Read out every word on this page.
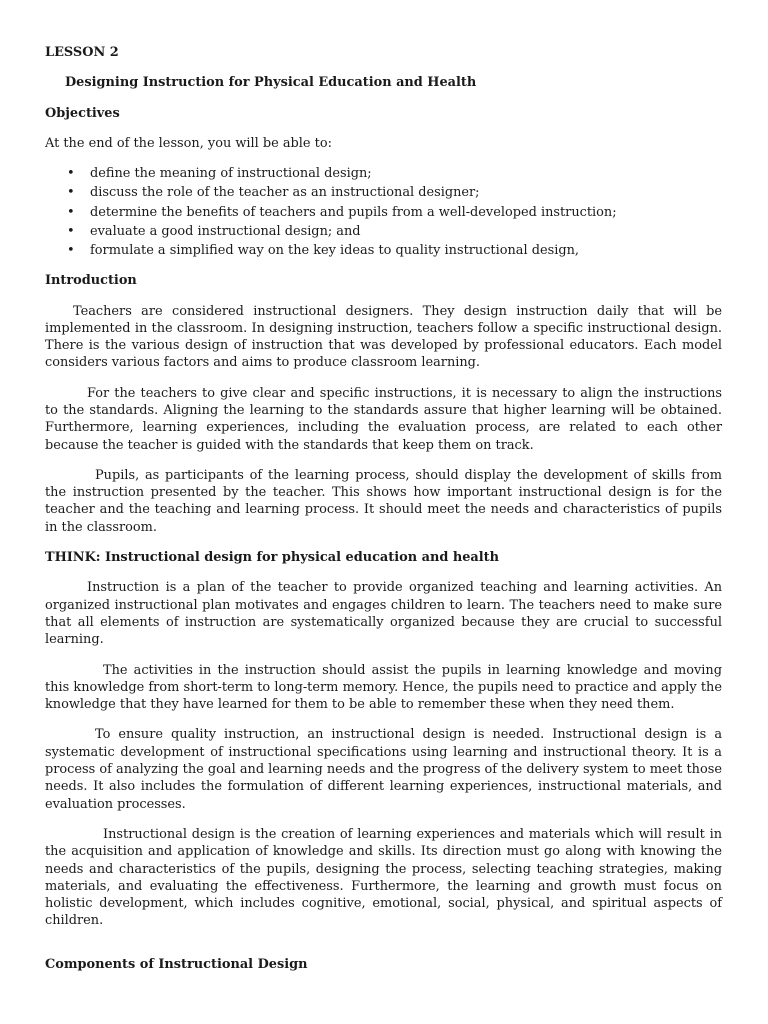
LESSON 2
Designing Instruction for Physical Education and Health
Objectives
At the end of the lesson, you will be able to:
• define the meaning of instructional design;
• discuss the role of the teacher as an instructional designer;
• determine the benefits of teachers and pupils from a well-developed instruction;
• evaluate a good instructional design; and
• formulate a simplified way on the key ideas to quality instructional design,
Introduction

Teachers are considered instructional designers. They design instruction daily that will be implemented in the classroom. In designing instruction, teachers follow a specific instructional design. There is the various design of instruction that was developed by professional educators. Each model considers various factors and aims to produce classroom learning.

For the teachers to give clear and specific instructions, it is necessary to align the instructions to the standards. Aligning the learning to the standards assure that higher learning will be obtained. Furthermore, learning experiences, including the evaluation process, are related to each other because the teacher is guided with the standards that keep them on track.

Pupils, as participants of the learning process, should display the development of skills from the instruction presented by the teacher. This shows how important instructional design is for the teacher and the teaching and learning process. It should meet the needs and characteristics of pupils in the classroom.

THINK: Instructional design for physical education and health

Instruction is a plan of the teacher to provide organized teaching and learning activities. An organized instructional plan motivates and engages children to learn. The teachers need to make sure that all elements of instruction are systematically organized because they are crucial to successful learning.

The activities in the instruction should assist the pupils in learning knowledge and moving this knowledge from short-term to long-term memory. Hence, the pupils need to practice and apply the knowledge that they have learned for them to be able to remember these when they need them.

To ensure quality instruction, an instructional design is needed. Instructional design is a systematic development of instructional specifications using learning and instructional theory. It is a process of analyzing the goal and learning needs and the progress of the delivery system to meet those needs. It also includes the formulation of different learning experiences, instructional materials, and evaluation processes.

Instructional design is the creation of learning experiences and materials which will result in the acquisition and application of knowledge and skills. Its direction must go along with knowing the needs and characteristics of the pupils, designing the process, selecting teaching strategies, making materials, and evaluating the effectiveness. Furthermore, the learning and growth must focus on holistic development, which includes cognitive, emotional, social, physical, and spiritual aspects of children.

Components of Instructional Design
